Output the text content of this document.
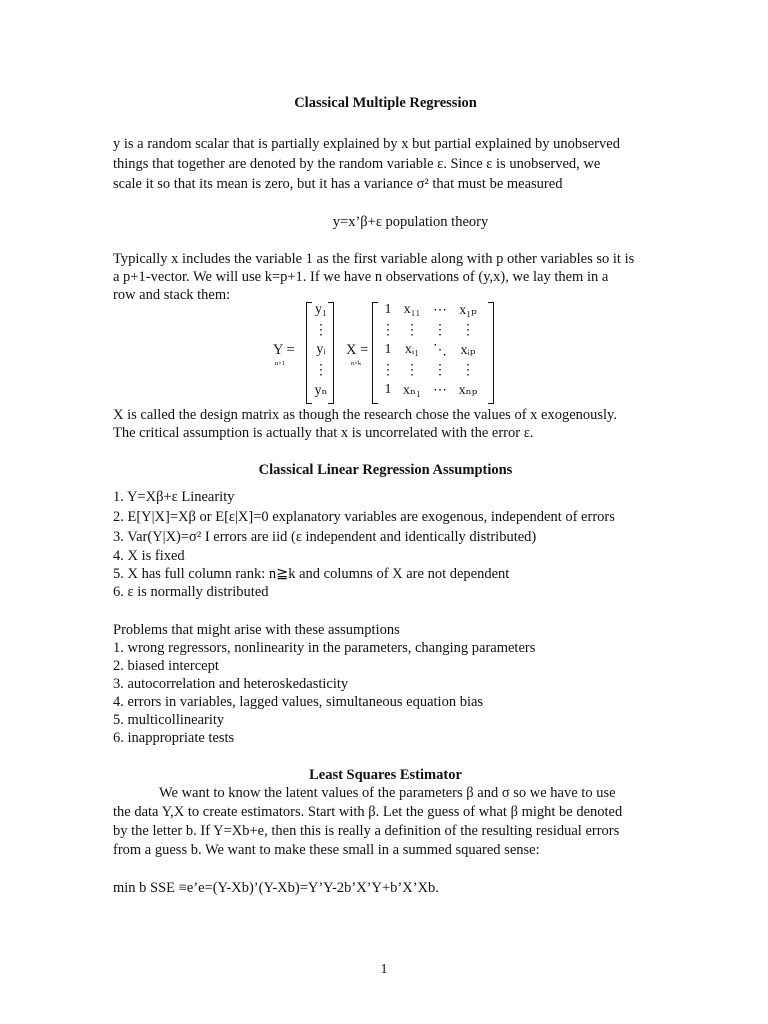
Classical Multiple Regression

y is a random scalar that is partially explained by x but partial explained by unobserved

things that together are denoted by the random variable ε. Since ε is unobserved, we

scale it so that its mean is zero, but it has a variance σ² that must be measured

y=x’β+ε population theory

Typically x includes the variable 1 as the first variable along with p other variables so it is

a p+1-vector. We will use k=p+1. If we have n observations of (y,x), we lay them in a

row and stack them:

Y =
n×1
y₁
⋮
yᵢ
⋮
yₙ
X =
n×k
1 x₁₁ ⋯ x₁ₚ
⋮ ⋮ ⋮ ⋮
1 xᵢ₁ ⋱ xᵢₚ
⋮ ⋮ ⋮ ⋮
1 xₙ₁ ⋯ xₙₚ

X is called the design matrix as though the research chose the values of x exogenously.

The critical assumption is actually that x is uncorrelated with the error ε.

Classical Linear Regression Assumptions

1. Y=Xβ+ε Linearity

2. E[Y|X]=Xβ or E[ε|X]=0 explanatory variables are exogenous, independent of errors

3. Var(Y|X)=σ² I errors are iid (ε independent and identically distributed)

4. X is fixed

5. X has full column rank: n≧k and columns of X are not dependent

6. ε is normally distributed

Problems that might arise with these assumptions

1. wrong regressors, nonlinearity in the parameters, changing parameters

2. biased intercept

3. autocorrelation and heteroskedasticity

4. errors in variables, lagged values, simultaneous equation bias

5. multicollinearity

6. inappropriate tests

Least Squares Estimator

We want to know the latent values of the parameters β and σ so we have to use

the data Y,X to create estimators. Start with β. Let the guess of what β might be denoted

by the letter b. If Y=Xb+e, then this is really a definition of the resulting residual errors

from a guess b. We want to make these small in a summed squared sense:

min b SSE ≡e’e=(Y-Xb)’(Y-Xb)=Y’Y-2b’X’Y+b’X’Xb.

1
